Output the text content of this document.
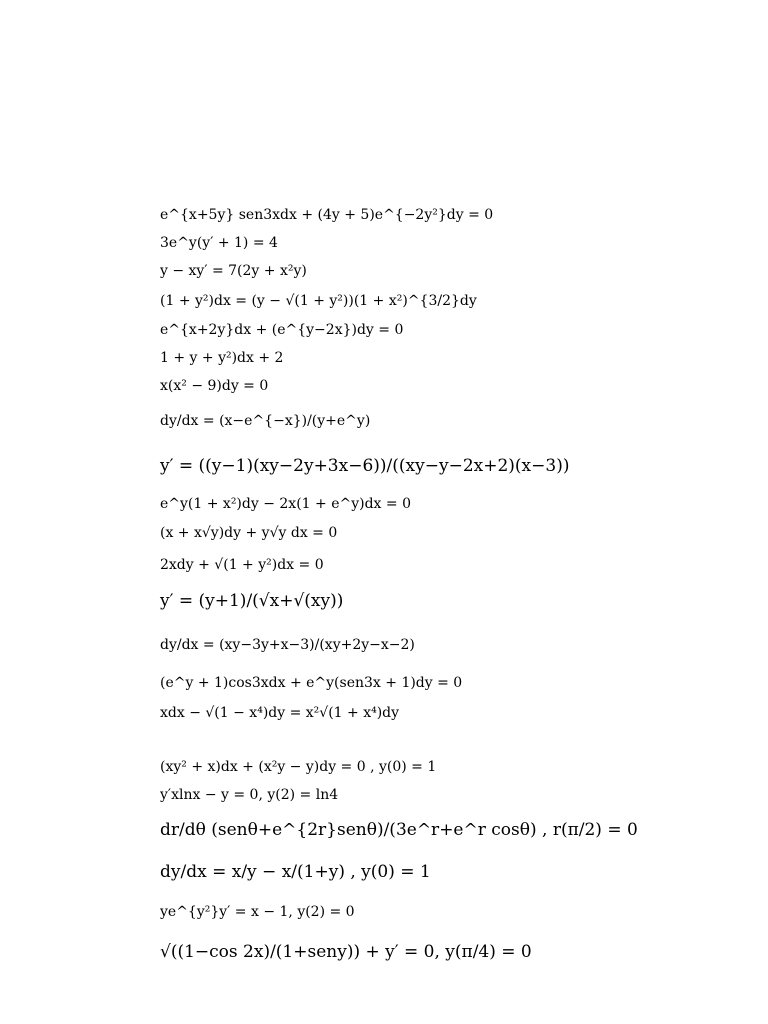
e^{x+5y} sen3xdx + (4y + 5)e^{−2y²}dy = 0
3e^y(y′ + 1) = 4
y − xy′ = 7(2y + x²y)
(1 + y²)dx = (y − √(1 + y²))(1 + x²)^{3/2}dy
e^{x+2y}dx + (e^{y−2x})dy = 0
1 + y + y²)dx + 2
x(x² − 9)dy = 0
dy/dx = (x−e^{−x})/(y+e^y)
y′ = ((y−1)(xy−2y+3x−6))/((xy−y−2x+2)(x−3))
e^y(1 + x²)dy − 2x(1 + e^y)dx = 0
(x + x√y)dy + y√y dx = 0
2xdy + √(1 + y²)dx = 0
y′ = (y+1)/(√x+√(xy))
dy/dx = (xy−3y+x−3)/(xy+2y−x−2)
(e^y + 1)cos3xdx + e^y(sen3x + 1)dy = 0
xdx − √(1 − x⁴)dy = x²√(1 + x⁴)dy
(xy² + x)dx + (x²y − y)dy = 0 , y(0) = 1
y′xlnx − y = 0, y(2) = ln4
dr/dθ (senθ+e^{2r}senθ)/(3e^r+e^r cosθ) , r(π/2) = 0
dy/dx = x/y − x/(1+y) , y(0) = 1
ye^{y²}y′ = x − 1, y(2) = 0
√((1−cos 2x)/(1+seny)) + y′ = 0, y(π/4) = 0
